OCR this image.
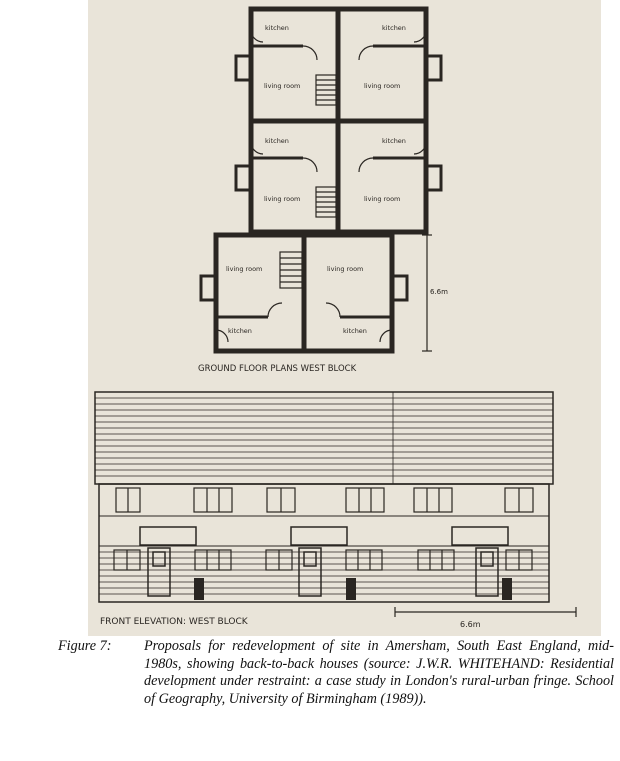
kitchen	kitchen
living room	living room
kitchen	kitchen
living room	living room
living room	living room
kitchen	kitchen
6.6m
GROUND FLOOR PLANS WEST BLOCK
FRONT ELEVATION: WEST BLOCK	6.6m
Figure 7: Proposals for redevelopment of site in Amersham, South East England, mid-1980s, showing back-to-back houses (source: J.W.R. WHITEHAND: Residential development under restraint: a case study in London's rural-urban fringe. School of Geography, University of Birmingham (1989)).
